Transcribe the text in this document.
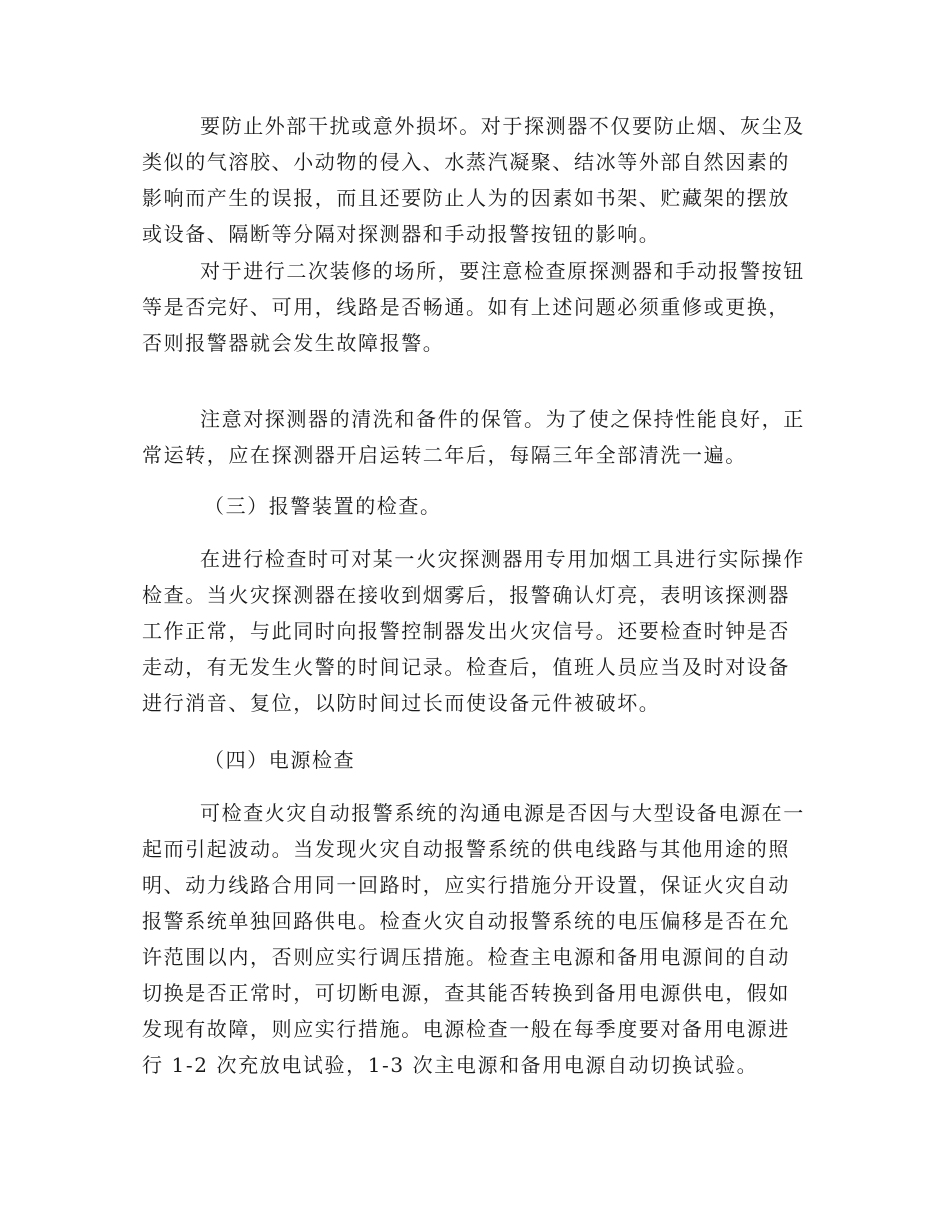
要防止外部干扰或意外损坏。对于探测器不仅要防止烟、灰尘及
类似的气溶胶、小动物的侵入、水蒸汽凝聚、结冰等外部自然因素的
影响而产生的误报，而且还要防止人为的因素如书架、贮藏架的摆放
或设备、隔断等分隔对探测器和手动报警按钮的影响。
对于进行二次装修的场所，要注意检查原探测器和手动报警按钮
等是否完好、可用，线路是否畅通。如有上述问题必须重修或更换，
否则报警器就会发生故障报警。
注意对探测器的清洗和备件的保管。为了使之保持性能良好，正
常运转，应在探测器开启运转二年后，每隔三年全部清洗一遍。
（三）报警装置的检查。
在进行检查时可对某一火灾探测器用专用加烟工具进行实际操作
检查。当火灾探测器在接收到烟雾后，报警确认灯亮，表明该探测器
工作正常，与此同时向报警控制器发出火灾信号。还要检查时钟是否
走动，有无发生火警的时间记录。检查后，值班人员应当及时对设备
进行消音、复位，以防时间过长而使设备元件被破坏。
（四）电源检查
可检查火灾自动报警系统的沟通电源是否因与大型设备电源在一
起而引起波动。当发现火灾自动报警系统的供电线路与其他用途的照
明、动力线路合用同一回路时，应实行措施分开设置，保证火灾自动
报警系统单独回路供电。检查火灾自动报警系统的电压偏移是否在允
许范围以内，否则应实行调压措施。检查主电源和备用电源间的自动
切换是否正常时，可切断电源，查其能否转换到备用电源供电，假如
发现有故障，则应实行措施。电源检查一般在每季度要对备用电源进
行 1-2 次充放电试验，1-3 次主电源和备用电源自动切换试验。
